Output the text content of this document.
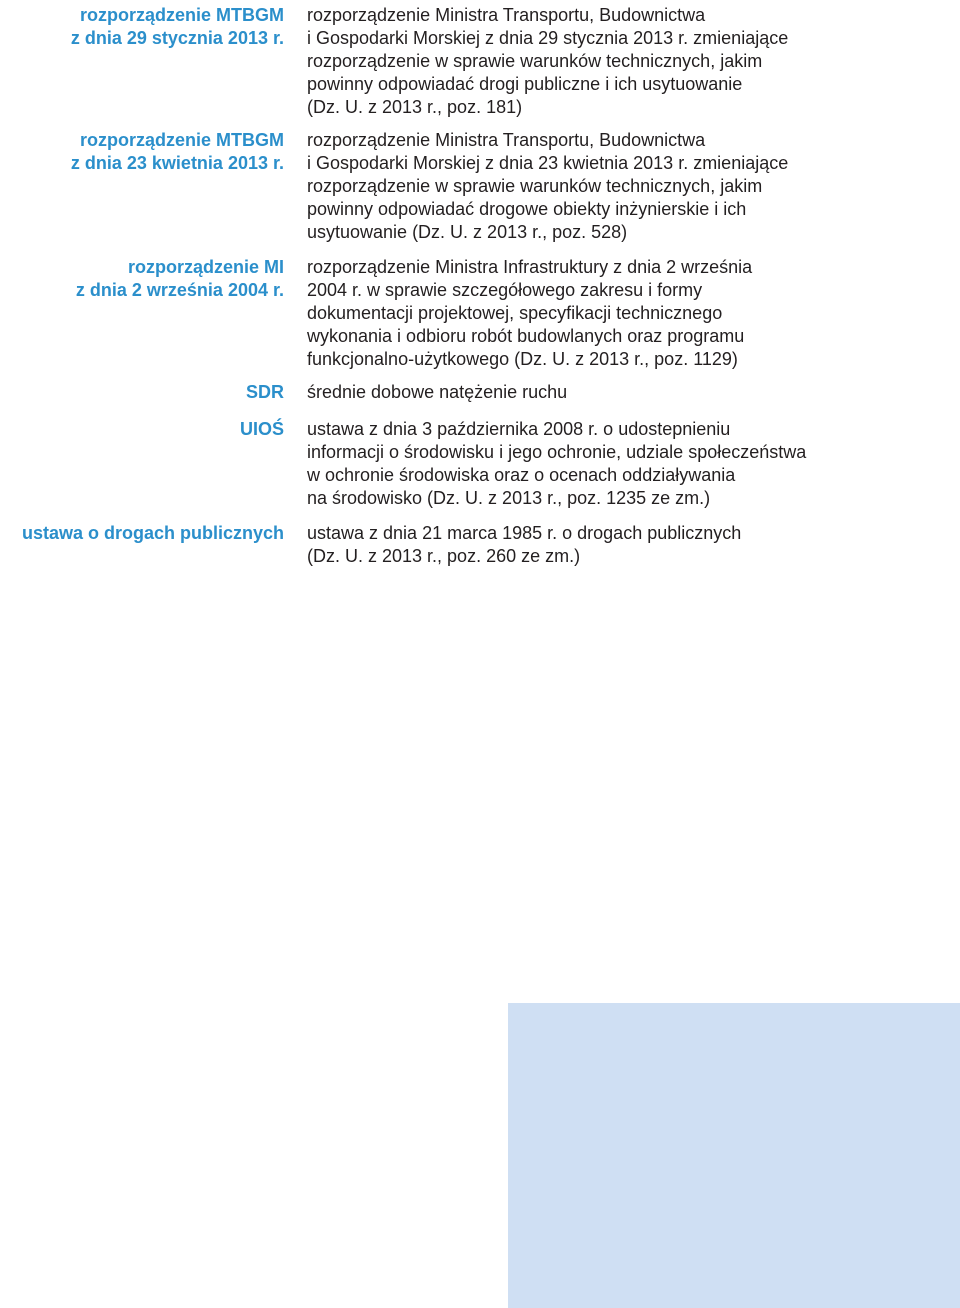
rozporządzenie MTBGM
z dnia 29 stycznia 2013 r.
rozporządzenie Ministra Transportu, Budownictwa
i Gospodarki Morskiej z dnia 29 stycznia 2013 r. zmieniające
rozporządzenie w sprawie warunków technicznych, jakim
powinny odpowiadać drogi publiczne i ich usytuowanie
(Dz. U. z 2013 r., poz. 181)
rozporządzenie MTBGM
z dnia 23 kwietnia 2013 r.
rozporządzenie Ministra Transportu, Budownictwa
i Gospodarki Morskiej z dnia 23 kwietnia 2013 r. zmieniające
rozporządzenie w sprawie warunków technicznych, jakim
powinny odpowiadać drogowe obiekty inżynierskie i ich
usytuowanie (Dz. U. z 2013 r., poz. 528)
rozporządzenie MI
z dnia 2 września 2004 r.
rozporządzenie Ministra Infrastruktury z dnia 2 września
2004 r. w sprawie szczegółowego zakresu i formy
dokumentacji projektowej, specyfikacji technicznego
wykonania i odbioru robót budowlanych oraz programu
funkcjonalno-użytkowego (Dz. U. z 2013 r., poz. 1129)
SDR średnie dobowe natężenie ruchu
UIOŚ ustawa z dnia 3 października 2008 r. o udostepnieniu
informacji o środowisku i jego ochronie, udziale społeczeństwa
w ochronie środowiska oraz o ocenach oddziaływania
na środowisko (Dz. U. z 2013 r., poz. 1235 ze zm.)
ustawa o drogach publicznych ustawa z dnia 21 marca 1985 r. o drogach publicznych
(Dz. U. z 2013 r., poz. 260 ze zm.)
